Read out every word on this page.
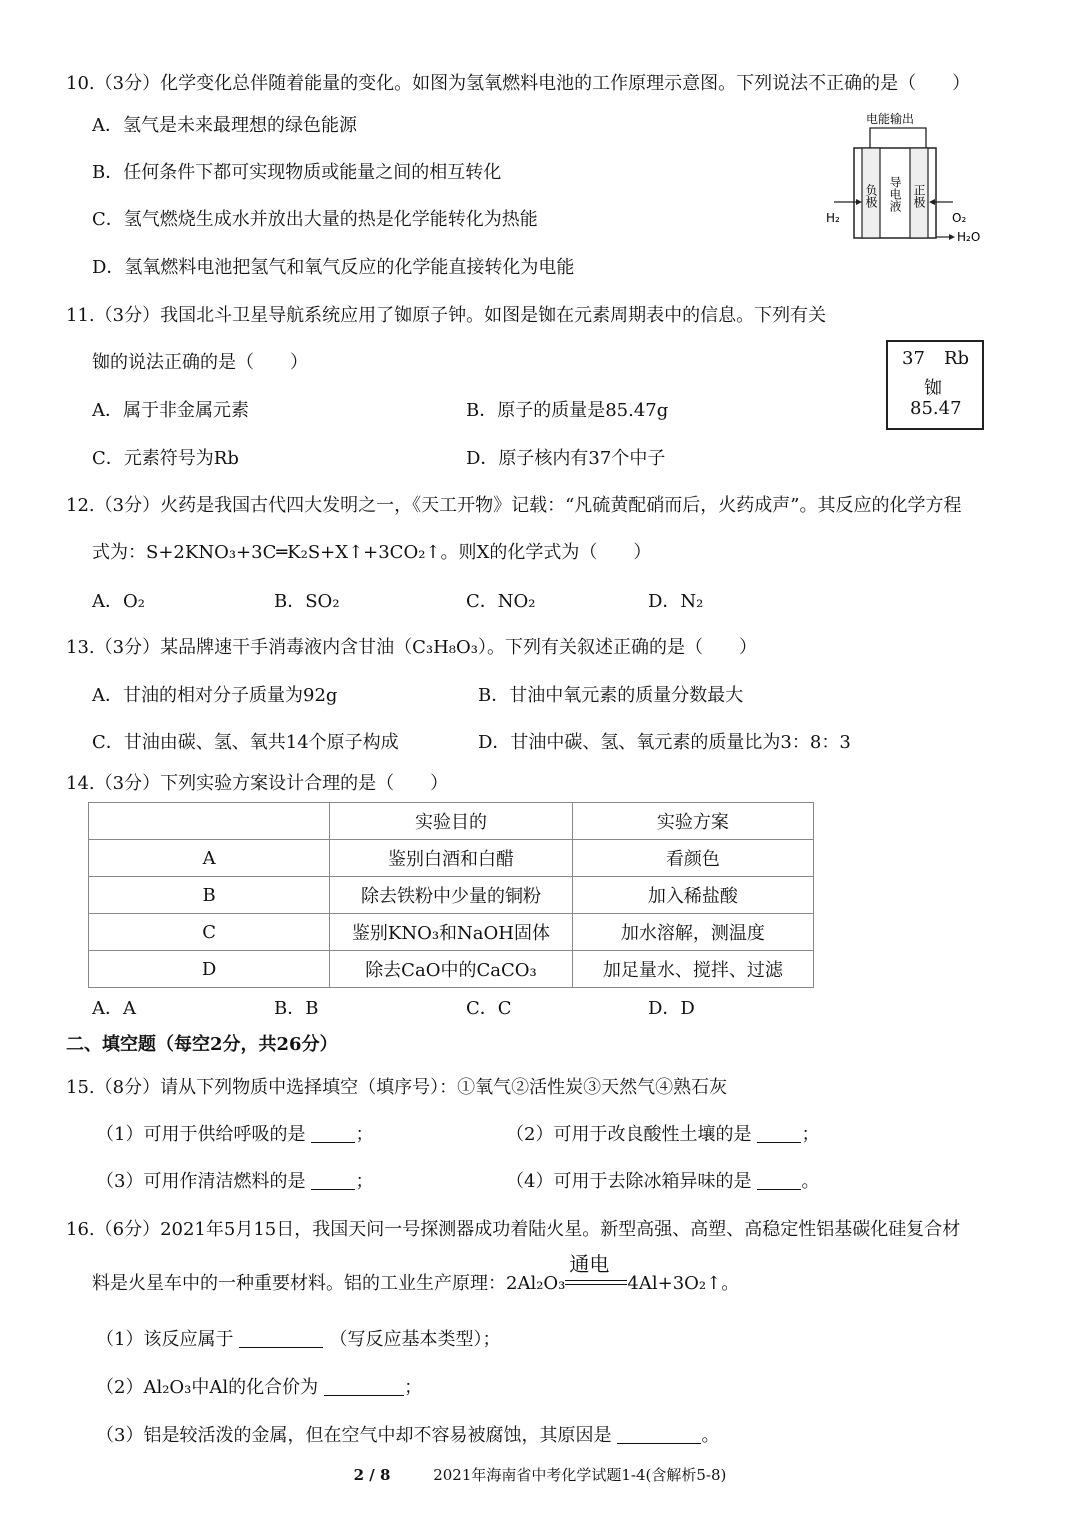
10.（3分）化学变化总伴随着能量的变化。如图为氢氧燃料电池的工作原理示意图。下列说法不正确的是（　　）
A．氢气是未来最理想的绿色能源
B．任何条件下都可实现物质或能量之间的相互转化
C．氢气燃烧生成水并放出大量的热是化学能转化为热能
D．氢氧燃料电池把氢气和氧气反应的化学能直接转化为电能
电能输出
负极 导电液 正极
H₂	O₂
H₂O
11.（3分）我国北斗卫星导航系统应用了铷原子钟。如图是铷在元素周期表中的信息。下列有关
铷的说法正确的是（　　）
A．属于非金属元素	B．原子的质量是85.47g
C．元素符号为Rb	D．原子核内有37个中子
37 Rb
铷
85.47
12.（3分）火药是我国古代四大发明之一，《天工开物》记载：“凡硫黄配硝而后，火药成声”。其反应的化学方程
式为：S+2KNO₃+3C═K₂S+X↑+3CO₂↑。则X的化学式为（　　）
A．O₂	B．SO₂	C．NO₂	D．N₂
13.（3分）某品牌速干手消毒液内含甘油（C₃H₈O₃）。下列有关叙述正确的是（　　）
A．甘油的相对分子质量为92g	B．甘油中氧元素的质量分数最大
C．甘油由碳、氢、氧共14个原子构成	D．甘油中碳、氢、氧元素的质量比为3：8：3
14.（3分）下列实验方案设计合理的是（　　）
	实验目的	实验方案
A	鉴别白酒和白醋	看颜色
B	除去铁粉中少量的铜粉	加入稀盐酸
C	鉴别KNO₃和NaOH固体	加水溶解，测温度
D	除去CaO中的CaCO₃	加足量水、搅拌、过滤
A．A	B．B	C．C	D．D
二、填空题（每空2分，共26分）
15.（8分）请从下列物质中选择填空（填序号）：①氧气②活性炭③天然气④熟石灰
（1）可用于供给呼吸的是	；	（2）可用于改良酸性土壤的是	；
（3）可用作清洁燃料的是	；	（4）可用于去除冰箱异味的是	。
16.（6分）2021年5月15日，我国天问一号探测器成功着陆火星。新型高强、高塑、高稳定性铝基碳化硅复合材
料是火星车中的一种重要材料。铝的工业生产原理：2Al₂O₃
通电
4Al+3O₂↑。
（1）该反应属于	（写反应基本类型）；
（2）Al₂O₃中Al的化合价为	；
（3）铝是较活泼的金属，但在空气中却不容易被腐蚀，其原因是	。
2 / 8	2021年海南省中考化学试题1-4(含解析5-8)
